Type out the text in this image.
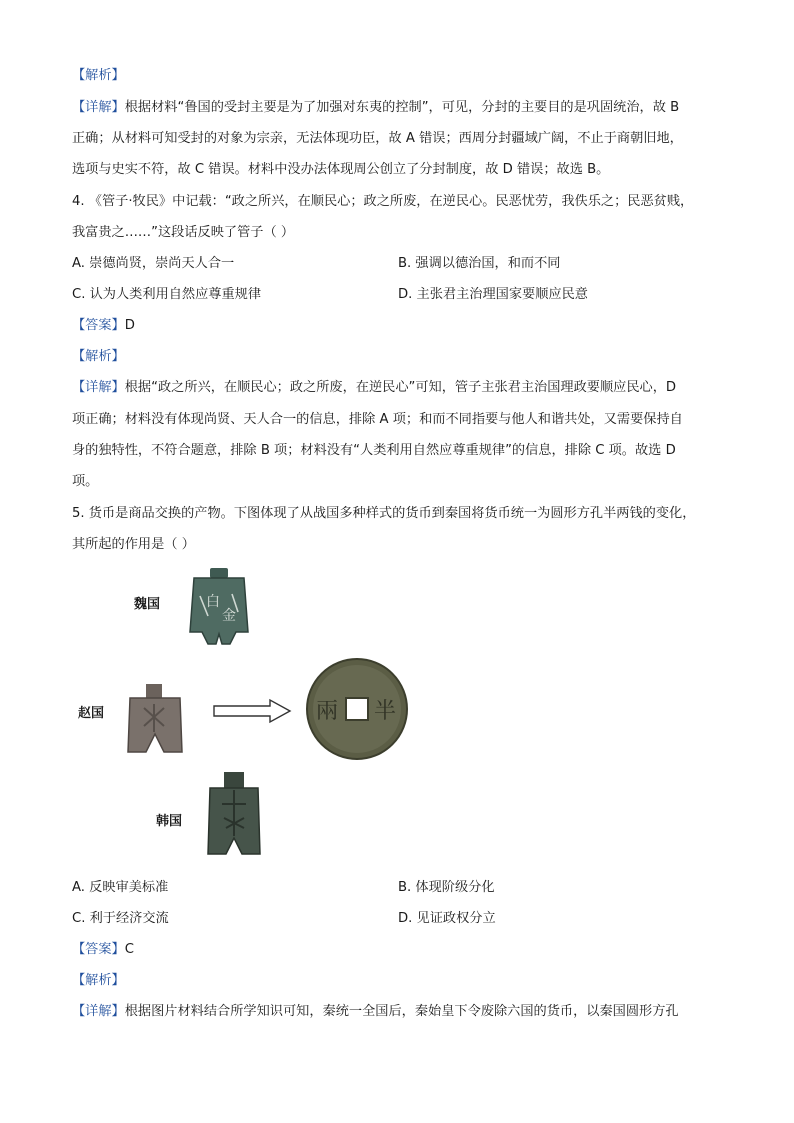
【解析】
【详解】根据材料“鲁国的受封主要是为了加强对东夷的控制”，可见，分封的主要目的是巩固统治，故 B
正确；从材料可知受封的对象为宗亲，无法体现功臣，故 A 错误；西周分封疆域广阔，不止于商朝旧地，
选项与史实不符，故 C 错误。材料中没办法体现周公创立了分封制度，故 D 错误；故选 B。
4. 《管子·牧民》中记载：“政之所兴，在顺民心；政之所废，在逆民心。民恶忧劳，我佚乐之；民恶贫贱，
我富贵之……”这段话反映了管子（ ）
A. 崇德尚贤，崇尚天人合一	B. 强调以德治国，和而不同
C. 认为人类利用自然应尊重规律	D. 主张君主治理国家要顺应民意
【答案】D
【解析】
【详解】根据“政之所兴，在顺民心；政之所废，在逆民心”可知，管子主张君主治国理政要顺应民心，D
项正确；材料没有体现尚贤、天人合一的信息，排除 A 项；和而不同指要与他人和谐共处，又需要保持自
身的独特性，不符合题意，排除 B 项；材料没有“人类利用自然应尊重规律”的信息，排除 C 项。故选 D
项。
5. 货币是商品交换的产物。下图体现了从战国多种样式的货币到秦国将货币统一为圆形方孔半两钱的变化，
其所起的作用是（ ）
魏国	白
金
赵国	兩 半
韩国
A. 反映审美标准	B. 体现阶级分化
C. 利于经济交流	D. 见证政权分立
【答案】C
【解析】
【详解】根据图片材料结合所学知识可知，秦统一全国后，秦始皇下令废除六国的货币，以秦国圆形方孔
